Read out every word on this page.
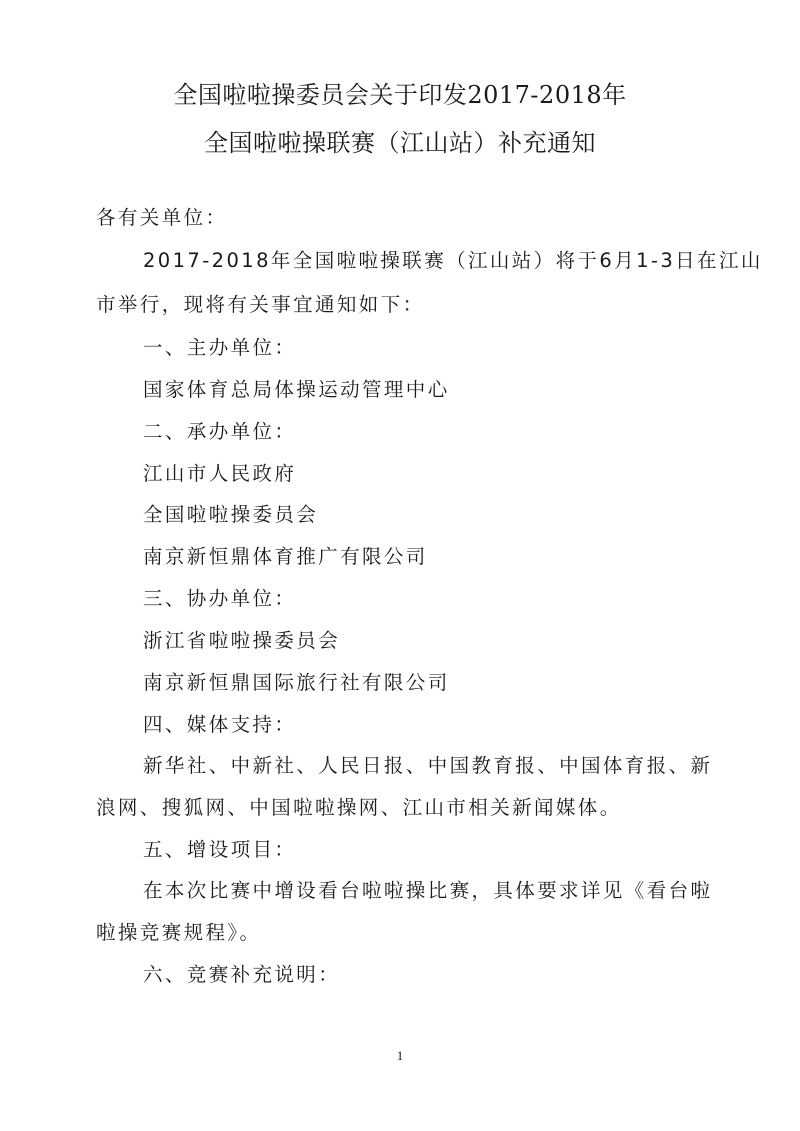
全国啦啦操委员会关于印发2017-2018年
全国啦啦操联赛（江山站）补充通知
各有关单位：
2017-2018年全国啦啦操联赛（江山站）将于6月1-3日在江山
市举行，现将有关事宜通知如下：
一、主办单位：
国家体育总局体操运动管理中心
二、承办单位：
江山市人民政府
全国啦啦操委员会
南京新恒鼎体育推广有限公司
三、协办单位：
浙江省啦啦操委员会
南京新恒鼎国际旅行社有限公司
四、媒体支持：
新华社、中新社、人民日报、中国教育报、中国体育报、新
浪网、搜狐网、中国啦啦操网、江山市相关新闻媒体。
五、增设项目：
在本次比赛中增设看台啦啦操比赛，具体要求详见《看台啦
啦操竞赛规程》。
六、竞赛补充说明：
1
